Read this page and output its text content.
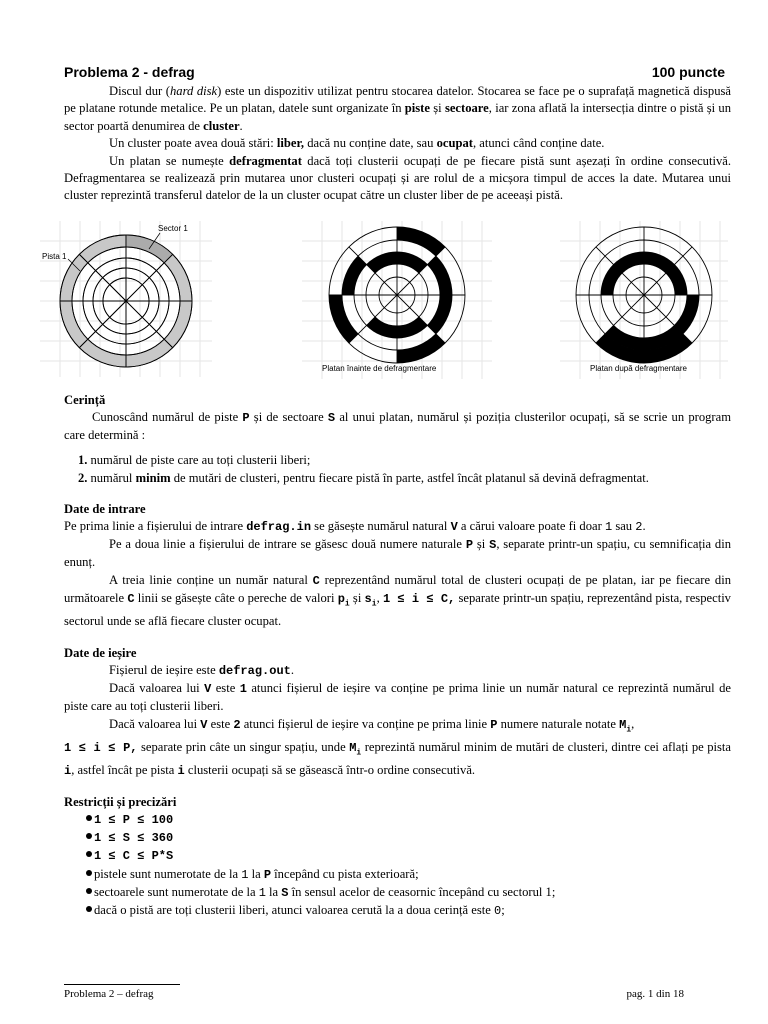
Problema 2 - defrag	100 puncte

Discul dur (hard disk) este un dispozitiv utilizat pentru stocarea datelor. Stocarea se face pe o suprafață magnetică dispusă pe platane rotunde metalice. Pe un platan, datele sunt organizate în piste și sectoare, iar zona aflată la intersecția dintre o pistă și un sector poartă denumirea de cluster.

Un cluster poate avea două stări: liber, dacă nu conține date, sau ocupat, atunci când conține date.

Un platan se numește defragmentat dacă toți clusterii ocupați de pe fiecare pistă sunt așezați în ordine consecutivă. Defragmentarea se realizează prin mutarea unor clusteri ocupați și are rolul de a micșora timpul de acces la date. Mutarea unui cluster reprezintă transferul datelor de la un cluster ocupat către un cluster liber de pe aceeași pistă.

Sector 1
Pista 1
Platan înainte de defragmentare	Platan după defragmentare
Cerință

Cunoscând numărul de piste P și de sectoare S al unui platan, numărul și poziția clusterilor ocupați, să se scrie un program care determină :

1. numărul de piste care au toți clusterii liberi;
2. numărul minim de mutări de clusteri, pentru fiecare pistă în parte, astfel încât platanul să devină defragmentat.
Date de intrare

Pe prima linie a fișierului de intrare defrag.in se găsește numărul natural V a cărui valoare poate fi doar 1 sau 2.

Pe a doua linie a fișierului de intrare se găsesc două numere naturale P și S, separate printr-un spațiu, cu semnificația din enunț.

A treia linie conține un număr natural C reprezentând numărul total de clusteri ocupați de pe platan, iar pe fiecare din următoarele C linii se găsește câte o pereche de valori $p_i$ și $s_i$, 1 ≤ i ≤ C, separate printr-un spațiu, reprezentând pista, respectiv sectorul unde se află fiecare cluster ocupat.

Date de ieșire

Fișierul de ieșire este defrag.out.

Dacă valoarea lui V este 1 atunci fișierul de ieșire va conține pe prima linie un număr natural ce reprezintă numărul de piste care au toți clusterii liberi.

Dacă valoarea lui V este 2 atunci fișierul de ieșire va conține pe prima linie P numere naturale notate $M_i$,
1 ≤ i ≤ P, separate prin câte un singur spațiu, unde $M_i$ reprezintă numărul minim de mutări de clusteri, dintre cei aflați pe pista i, astfel încât pe pista i clusterii ocupați să se găsească într-o ordine consecutivă.

Restricții și precizări
1 ≤ P ≤ 100
1 ≤ S ≤ 360
1 ≤ C ≤ P*S
pistele sunt numerotate de la 1 la P începând cu pista exterioară;
sectoarele sunt numerotate de la 1 la S în sensul acelor de ceasornic începând cu sectorul 1;
dacă o pistă are toți clusterii liberi, atunci valoarea cerută la a doua cerință este 0;
Problema 2 – defrag	pag. 1 din 18
